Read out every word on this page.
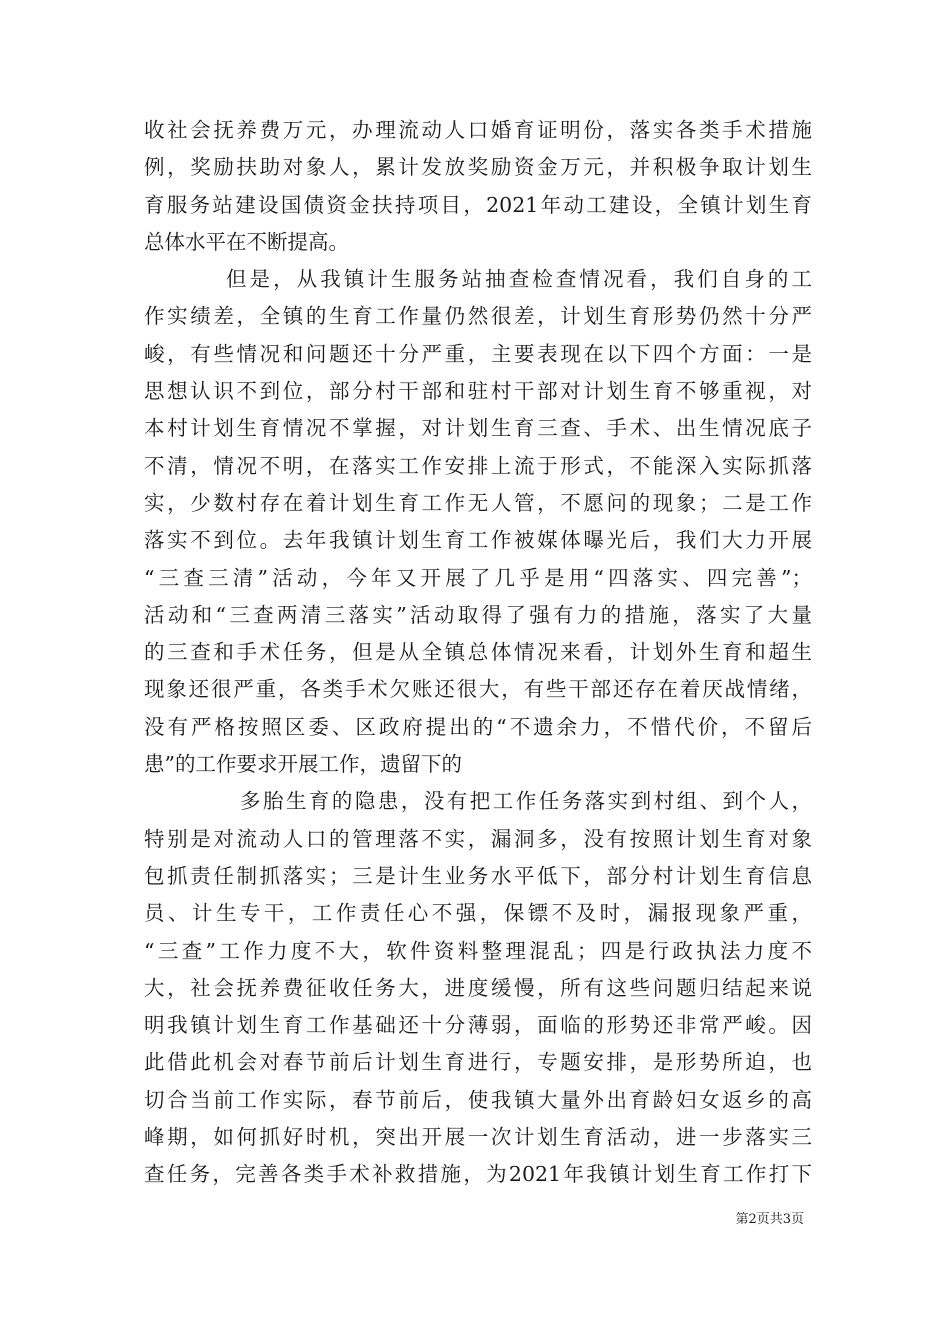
收社会抚养费万元，办理流动人口婚育证明份，落实各类手术措施
例，奖励扶助对象人，累计发放奖励资金万元，并积极争取计划生
育服务站建设国债资金扶持项目，2021年动工建设，全镇计划生育
总体水平在不断提高。
但是，从我镇计生服务站抽查检查情况看，我们自身的工
作实绩差，全镇的生育工作量仍然很差，计划生育形势仍然十分严
峻，有些情况和问题还十分严重，主要表现在以下四个方面：一是
思想认识不到位，部分村干部和驻村干部对计划生育不够重视，对
本村计划生育情况不掌握，对计划生育三查、手术、出生情况底子
不清，情况不明，在落实工作安排上流于形式，不能深入实际抓落
实，少数村存在着计划生育工作无人管，不愿问的现象；二是工作
落实不到位。去年我镇计划生育工作被媒体曝光后，我们大力开展
“三查三清”活动，今年又开展了几乎是用“四落实、四完善”；
活动和“三查两清三落实”活动取得了强有力的措施，落实了大量
的三查和手术任务，但是从全镇总体情况来看，计划外生育和超生
现象还很严重，各类手术欠账还很大，有些干部还存在着厌战情绪，
没有严格按照区委、区政府提出的“不遗余力，不惜代价，不留后
患”的工作要求开展工作，遗留下的
多胎生育的隐患，没有把工作任务落实到村组、到个人，
特别是对流动人口的管理落不实，漏洞多，没有按照计划生育对象
包抓责任制抓落实；三是计生业务水平低下，部分村计划生育信息
员、计生专干，工作责任心不强，保镖不及时，漏报现象严重，
“三查”工作力度不大，软件资料整理混乱；四是行政执法力度不
大，社会抚养费征收任务大，进度缓慢，所有这些问题归结起来说
明我镇计划生育工作基础还十分薄弱，面临的形势还非常严峻。因
此借此机会对春节前后计划生育进行，专题安排，是形势所迫，也
切合当前工作实际，春节前后，使我镇大量外出育龄妇女返乡的高
峰期，如何抓好时机，突出开展一次计划生育活动，进一步落实三
查任务，完善各类手术补救措施，为2021年我镇计划生育工作打下
第2页共3页
